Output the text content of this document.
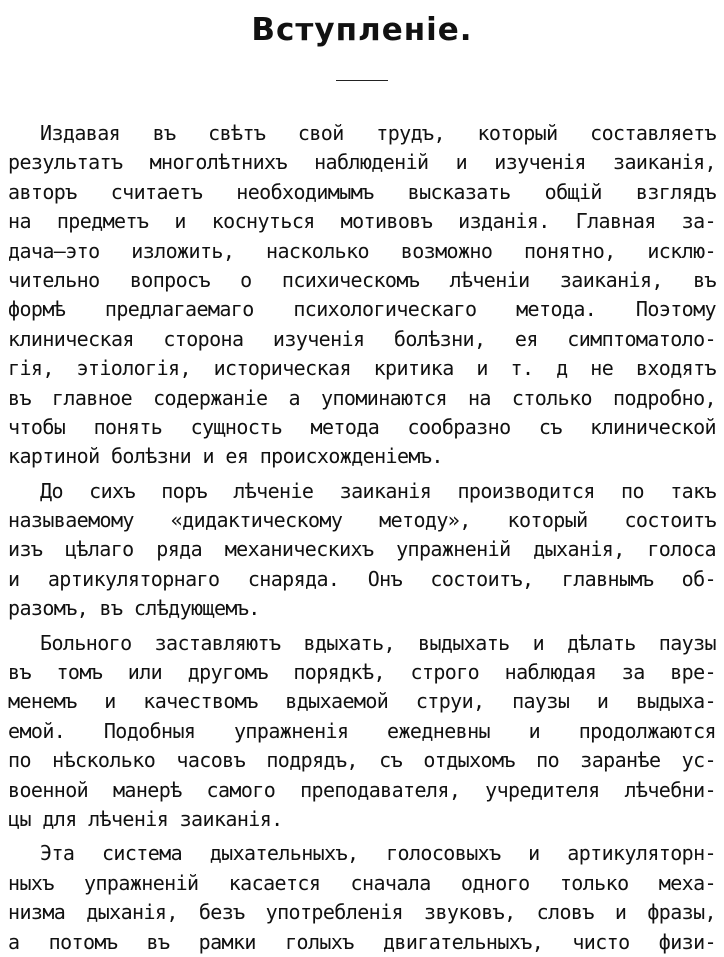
Вступленіе.
Издавая въ свѣтъ свой трудъ, который составляетъ
результатъ многолѣтнихъ наблюденій и изученія заиканія,
авторъ считаетъ необходимымъ высказать общій взглядъ
на предметъ и коснуться мотивовъ изданія. Главная за-
дача—это изложить, насколько возможно понятно, исклю-
чительно вопросъ о психическомъ лѣченіи заиканія, въ
формѣ предлагаемаго психологическаго метода. Поэтому
клиническая сторона изученія болѣзни, ея симптоматоло-
гія, этіологія, историческая критика и т. д не входятъ
въ главное содержаніе а упоминаются на столько подробно,
чтобы понять сущность метода сообразно съ клинической
картиной болѣзни и ея происхожденіемъ.
До сихъ поръ лѣченіе заиканія производится по такъ
называемому «дидактическому методу», который состоитъ
изъ цѣлаго ряда механическихъ упражненій дыханія, голоса
и артикуляторнаго снаряда. Онъ состоитъ, главнымъ об-
разомъ, въ слѣдующемъ.
Больного заставляютъ вдыхать, выдыхать и дѣлать паузы
въ томъ или другомъ порядкѣ, строго наблюдая за вре-
менемъ и качествомъ вдыхаемой струи, паузы и выдыха-
емой. Подобныя упражненія ежедневны и продолжаются
по нѣсколько часовъ подрядъ, съ отдыхомъ по заранѣе ус-
военной манерѣ самого преподавателя, учредителя лѣчебни-
цы для лѣченія заиканія.
Эта система дыхательныхъ, голосовыхъ и артикуляторн-
ныхъ упражненій касается сначала одного только меха-
низма дыханія, безъ употребленія звуковъ, словъ и фразы,
а потомъ въ рамки голыхъ двигательныхъ, чисто физи-
